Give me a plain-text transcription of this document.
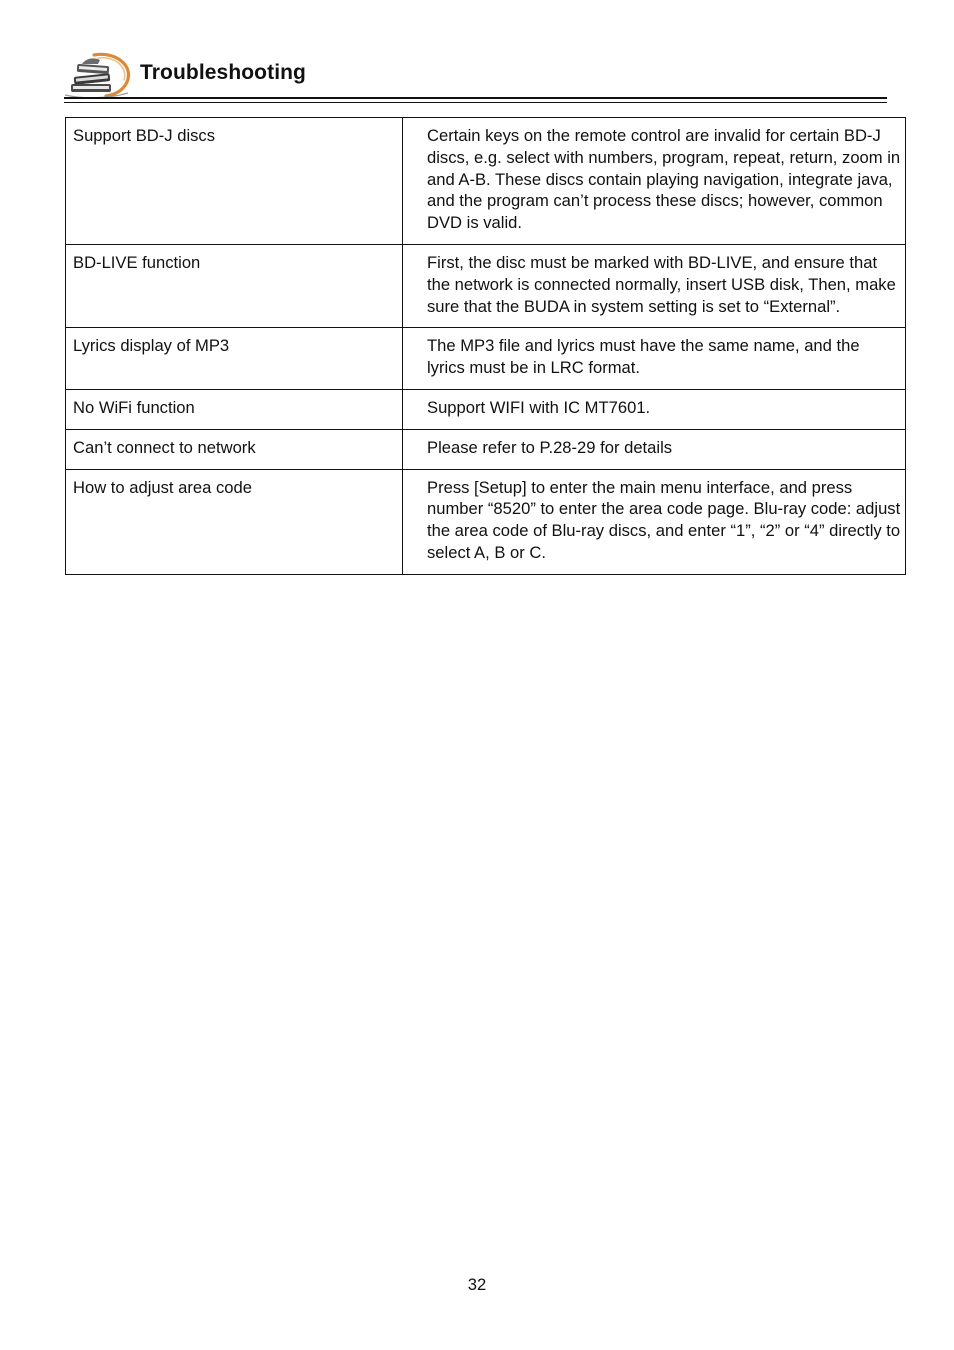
Troubleshooting
Support BD-J discs	Certain keys on the remote control are invalid for certain BD-J discs, e.g. select with numbers, program, repeat, return, zoom in and A-B. These discs contain playing navigation, integrate java, and the program can’t process these discs; however, common DVD is valid.
BD-LIVE function	First, the disc must be marked with BD-LIVE, and ensure that the network is connected normally, insert USB disk, Then, make sure that the BUDA in system setting is set to “External”.
Lyrics display of MP3	The MP3 file and lyrics must have the same name, and the lyrics must be in LRC format.
No WiFi function	Support WIFI with IC MT7601.
Can’t connect to network	Please refer to P.28-29 for details
How to adjust area code	Press [Setup] to enter the main menu interface, and press number “8520” to enter the area code page. Blu-ray code: adjust the area code of Blu-ray discs, and enter “1”, “2” or “4” directly to select A, B or C.
32
